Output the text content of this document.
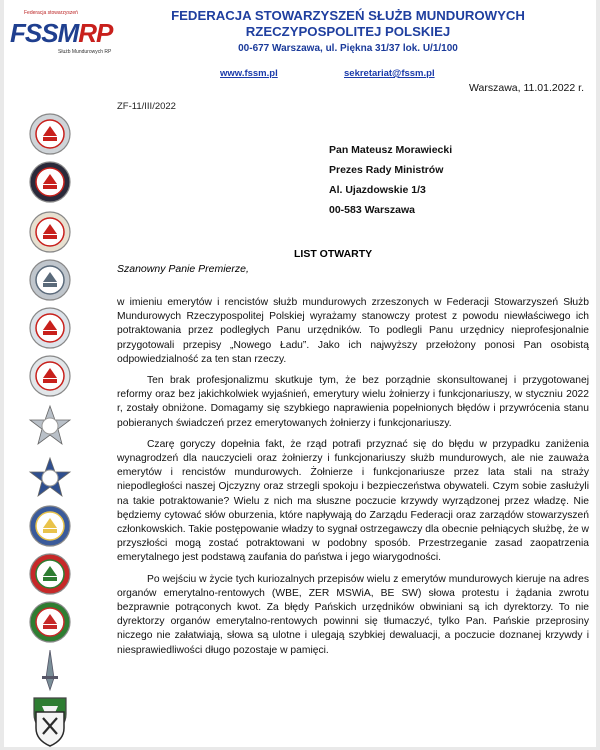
Federacja stowarzyszeń
FSSMRP
Służb Mundurowych RP
FEDERACJA STOWARZYSZEŃ SŁUŻB MUNDUROWYCH
RZECZYPOSPOLITEJ POLSKIEJ
00-677 Warszawa, ul. Piękna 31/37 lok. U/1/100
www.fssm.pl	sekretariat@fssm.pl
Warszawa, 11.01.2022 r.
ZF-11/III/2022
Pan Mateusz Morawiecki
Prezes Rady Ministrów
Al. Ujazdowskie 1/3
00-583 Warszawa
LIST OTWARTY
Szanowny Panie Premierze,

w imieniu emerytów i rencistów służb mundurowych zrzeszonych w Federacji Stowarzyszeń Służb Mundurowych Rzeczypospolitej Polskiej wyrażamy stanowczy protest z powodu niewłaściwego ich potraktowania przez podległych Panu urzędników. To podlegli Panu urzędnicy nieprofesjonalnie przygotowali przepisy „Nowego Ładu”. Jako ich najwyższy przełożony ponosi Pan osobistą odpowiedzialność za ten stan rzeczy.

Ten brak profesjonalizmu skutkuje tym, że bez porządnie skonsultowanej i przygotowanej reformy oraz bez jakichkolwiek wyjaśnień, emerytury wielu żołnierzy i funkcjonariuszy, w styczniu 2022 r, zostały obniżone. Domagamy się szybkiego naprawienia popełnionych błędów i przywrócenia stanu pobieranych świadczeń przez emerytowanych żołnierzy i funkcjonariuszy.

Czarę goryczy dopełnia fakt, że rząd potrafi przyznać się do błędu w przypadku zaniżenia wynagrodzeń dla nauczycieli oraz żołnierzy i funkcjonariuszy służb mundurowych, ale nie zauważa emerytów i rencistów mundurowych. Żołnierze i funkcjonariusze przez lata stali na straży niepodległości naszej Ojczyzny oraz strzegli spokoju i bezpieczeństwa obywateli. Czym sobie zasłużyli na takie potraktowanie? Wielu z nich ma słuszne poczucie krzywdy wyrządzonej przez władzę. Nie będziemy cytować słów oburzenia, które napływają do Zarządu Federacji oraz zarządów stowarzyszeń członkowskich. Takie postępowanie władzy to sygnał ostrzegawczy dla obecnie pełniących służbę, że w przyszłości mogą zostać potraktowani w podobny sposób. Przestrzeganie zasad zaopatrzenia emerytalnego jest podstawą zaufania do państwa i jego wiarygodności.

Po wejściu w życie tych kuriozalnych przepisów wielu z emerytów mundurowych kieruje na adres organów emerytalno-rentowych (WBE, ZER MSWiA, BE SW) słowa protestu i żądania zwrotu bezprawnie potrąconych kwot. Za błędy Pańskich urzędników obwiniani są ich dyrektorzy. To nie dyrektorzy organów emerytalno-rentowych powinni się tłumaczyć, tylko Pan. Pańskie przeprosiny niczego nie załatwiają, słowa są ulotne i ulegają szybkiej dewaluacji, a poczucie doznanej krzywdy i niesprawiedliwości długo pozostaje w pamięci.
